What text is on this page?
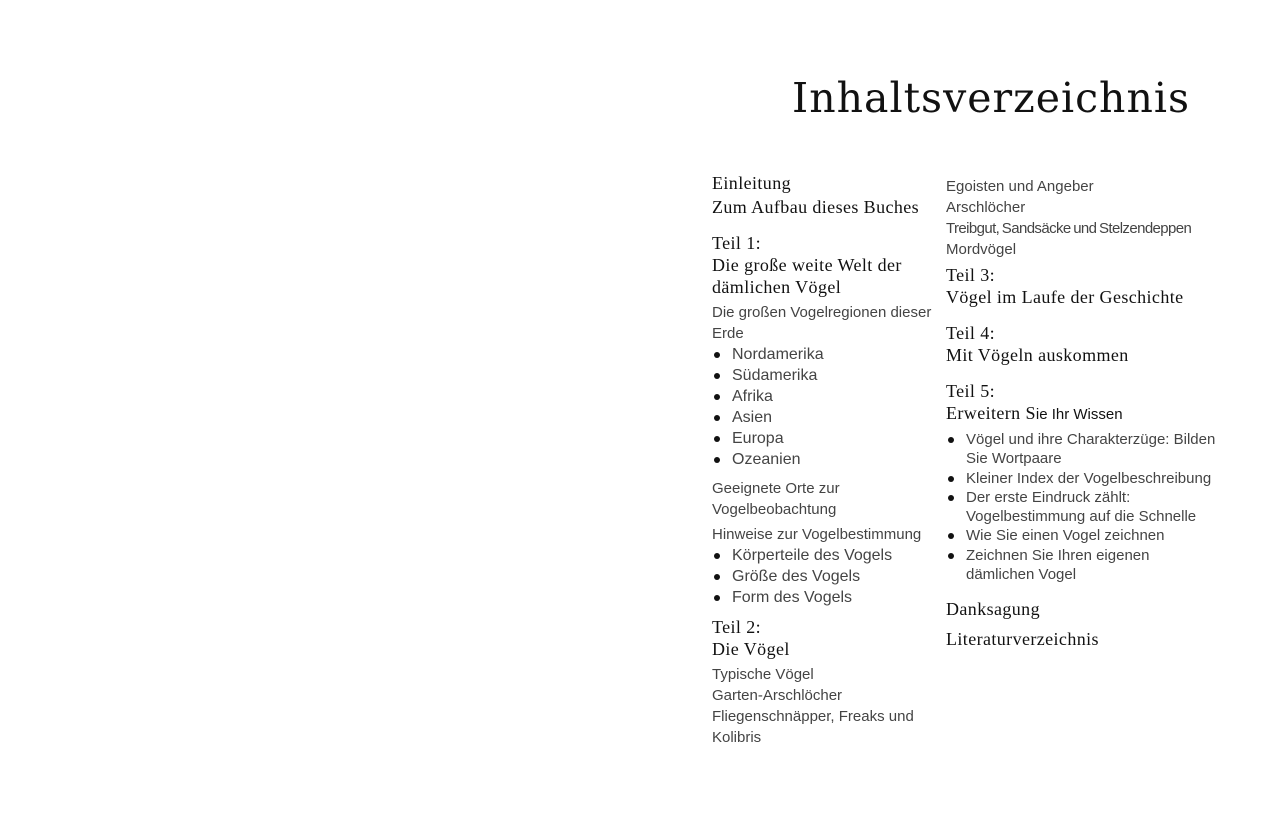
Inhaltsverzeichnis
Einleitung
Zum Aufbau dieses Buches
Teil 1:
Die große weite Welt der
dämlichen Vögel
Die großen Vogelregionen dieser Erde
Nordamerika
Südamerika
Afrika
Asien
Europa
Ozeanien
Geeignete Orte zur Vogelbeobachtung
Hinweise zur Vogelbestimmung
Körperteile des Vogels
Größe des Vogels
Form des Vogels
Teil 2:
Die Vögel
Typische Vögel
Garten-Arschlöcher
Fliegenschnäpper, Freaks und Kolibris
Egoisten und Angeber
Arschlöcher
Treibgut, Sandsäcke und Stelzendeppen
Mordvögel
Teil 3:
Vögel im Laufe der Geschichte
Teil 4:
Mit Vögeln auskommen
Teil 5:
Erweitern Sie Ihr Wissen
Vögel und ihre Charakterzüge: Bilden Sie Wortpaare
Kleiner Index der Vogelbeschreibung
Der erste Eindruck zählt: Vogelbestimmung auf die Schnelle
Wie Sie einen Vogel zeichnen
Zeichnen Sie Ihren eigenen dämlichen Vogel
Danksagung
Literaturverzeichnis
